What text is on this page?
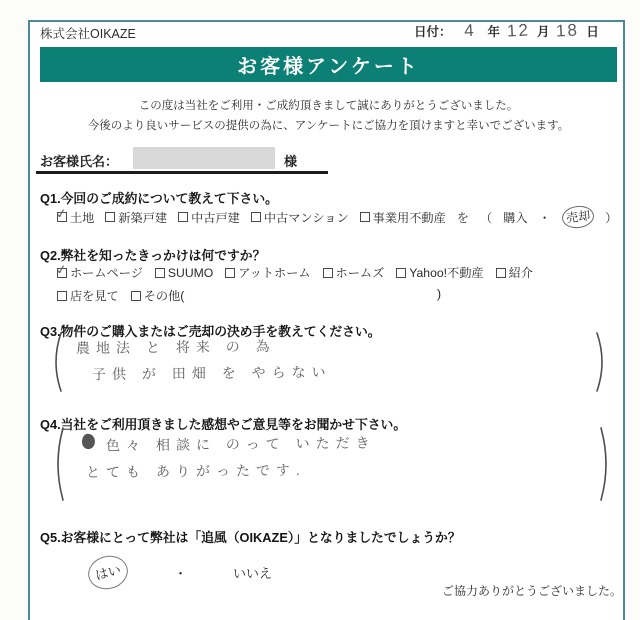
株式会社OIKAZE	日付： 4 年 12 月 18 日
お客様アンケート
この度は当社をご利用・ご成約頂きまして誠にありがとうございました。
今後のより良いサービスの提供の為に、アンケートにご協力を頂けますと幸いでございます。
お客様氏名：	様
Q1.今回のご成約について教えて下さい。
✓
土地 新築戸建 中古戸建 中古マンション 事業用不動産 を （ 購入 ・	売却	）
Q2.弊社を知ったきっかけは何ですか？
✓
ホームページ SUUMO アットホーム ホームズ Yahoo!不動産 紹介
店を見て その他(	)
Q3.物件のご購入またはご売却の決め手を教えてください。
農地法 と 将来 の 為
子供 が 田畑 を やらない
Q4.当社をご利用頂きました感想やご意見等をお聞かせ下さい。
色々 相談に のって いただき
とても ありがったです.
Q5.お客様にとって弊社は「追風（OIKAZE）」となりましたでしょうか？
はい	・	いいえ
ご協力ありがとうございました。
